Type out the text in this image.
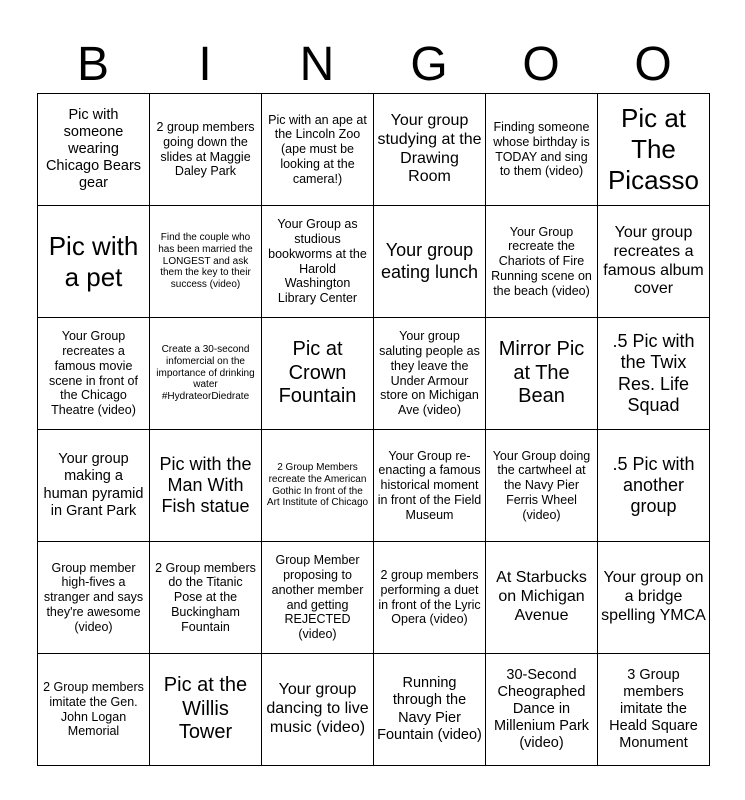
B	I	N	G	O	O
Pic with someone wearing Chicago Bears gear	2 group members going down the slides at Maggie Daley Park	Pic with an ape at the Lincoln Zoo (ape must be looking at the camera!)	Your group studying at the Drawing Room	Finding someone whose birthday is TODAY and sing to them (video)	Pic at The Picasso
Pic with a pet	Find the couple who has been married the LONGEST and ask them the key to their success (video)	Your Group as studious bookworms at the Harold Washington Library Center	Your group eating lunch	Your Group recreate the Chariots of Fire Running scene on the beach (video)	Your group recreates a famous album cover
Your Group recreates a famous movie scene in front of the Chicago Theatre (video)	Create a 30-second infomercial on the importance of drinking water #HydrateorDiedrate	Pic at Crown Fountain	Your group saluting people as they leave the Under Armour store on Michigan Ave (video)	Mirror Pic at The Bean	.5 Pic with the Twix Res. Life Squad
Your group making a human pyramid in Grant Park	Pic with the Man With Fish statue	2 Group Members recreate the American Gothic In front of the Art Institute of Chicago	Your Group re-enacting a famous historical moment in front of the Field Museum	Your Group doing the cartwheel at the Navy Pier Ferris Wheel (video)	.5 Pic with another group
Group member high-fives a stranger and says they're awesome (video)	2 Group members do the Titanic Pose at the Buckingham Fountain	Group Member proposing to another member and getting REJECTED (video)	2 group members performing a duet in front of the Lyric Opera (video)	At Starbucks on Michigan Avenue	Your group on a bridge spelling YMCA
2 Group members imitate the Gen. John Logan Memorial	Pic at the Willis Tower	Your group dancing to live music (video)	Running through the Navy Pier Fountain (video)	30-Second Cheographed Dance in Millenium Park (video)	3 Group members imitate the Heald Square Monument
